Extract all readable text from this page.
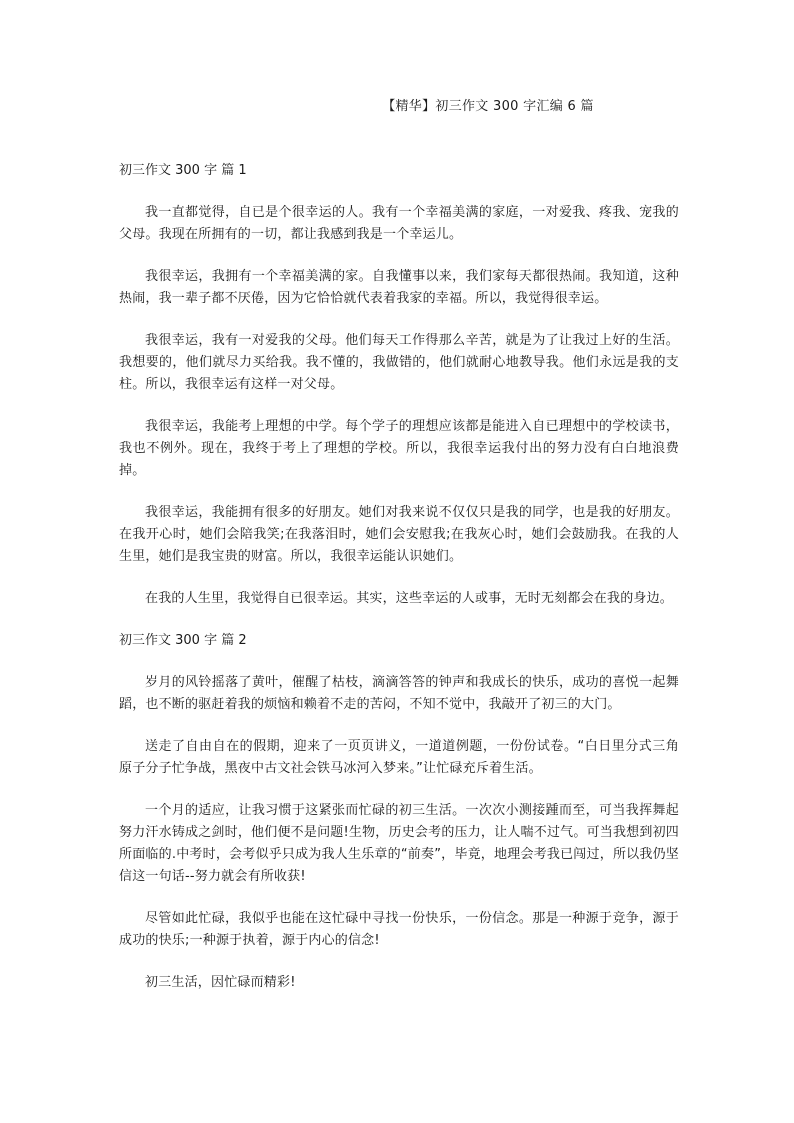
【精华】初三作文 300 字汇编 6 篇
初三作文 300 字 篇 1

我一直都觉得，自已是个很幸运的人。我有一个幸福美满的家庭，一对爱我、疼我、宠我的父母。我现在所拥有的一切，都让我感到我是一个幸运儿。

我很幸运，我拥有一个幸福美满的家。自我懂事以来，我们家每天都很热闹。我知道，这种热闹，我一辈子都不厌倦，因为它恰恰就代表着我家的幸福。所以，我觉得很幸运。

我很幸运，我有一对爱我的父母。他们每天工作得那么辛苦，就是为了让我过上好的生活。我想要的，他们就尽力买给我。我不懂的，我做错的，他们就耐心地教导我。他们永远是我的支柱。所以，我很幸运有这样一对父母。

我很幸运，我能考上理想的中学。每个学子的理想应该都是能进入自已理想中的学校读书，我也不例外。现在，我终于考上了理想的学校。所以，我很幸运我付出的努力没有白白地浪费掉。

我很幸运，我能拥有很多的好朋友。她们对我来说不仅仅只是我的同学，也是我的好朋友。在我开心时，她们会陪我笑;在我落泪时，她们会安慰我;在我灰心时，她们会鼓励我。在我的人生里，她们是我宝贵的财富。所以，我很幸运能认识她们。

在我的人生里，我觉得自已很幸运。其实，这些幸运的人或事，无时无刻都会在我的身边。

初三作文 300 字 篇 2

岁月的风铃摇落了黄叶，催醒了枯枝，滴滴答答的钟声和我成长的快乐，成功的喜悦一起舞蹈，也不断的驱赶着我的烦恼和赖着不走的苦闷，不知不觉中，我敲开了初三的大门。

送走了自由自在的假期，迎来了一页页讲义，一道道例题，一份份试卷。“白日里分式三角原子分子忙争战，黑夜中古文社会铁马冰河入梦来。”让忙碌充斥着生活。

一个月的适应，让我习惯于这紧张而忙碌的初三生活。一次次小测接踵而至，可当我挥舞起努力汗水铸成之剑时，他们便不是问题!生物，历史会考的压力，让人喘不过气。可当我想到初四所面临的.中考时，会考似乎只成为我人生乐章的“前奏”，毕竟，地理会考我已闯过，所以我仍坚信这一句话--努力就会有所收获!

尽管如此忙碌，我似乎也能在这忙碌中寻找一份快乐，一份信念。那是一种源于竞争，源于成功的快乐;一种源于执着，源于内心的信念!

初三生活，因忙碌而精彩!
